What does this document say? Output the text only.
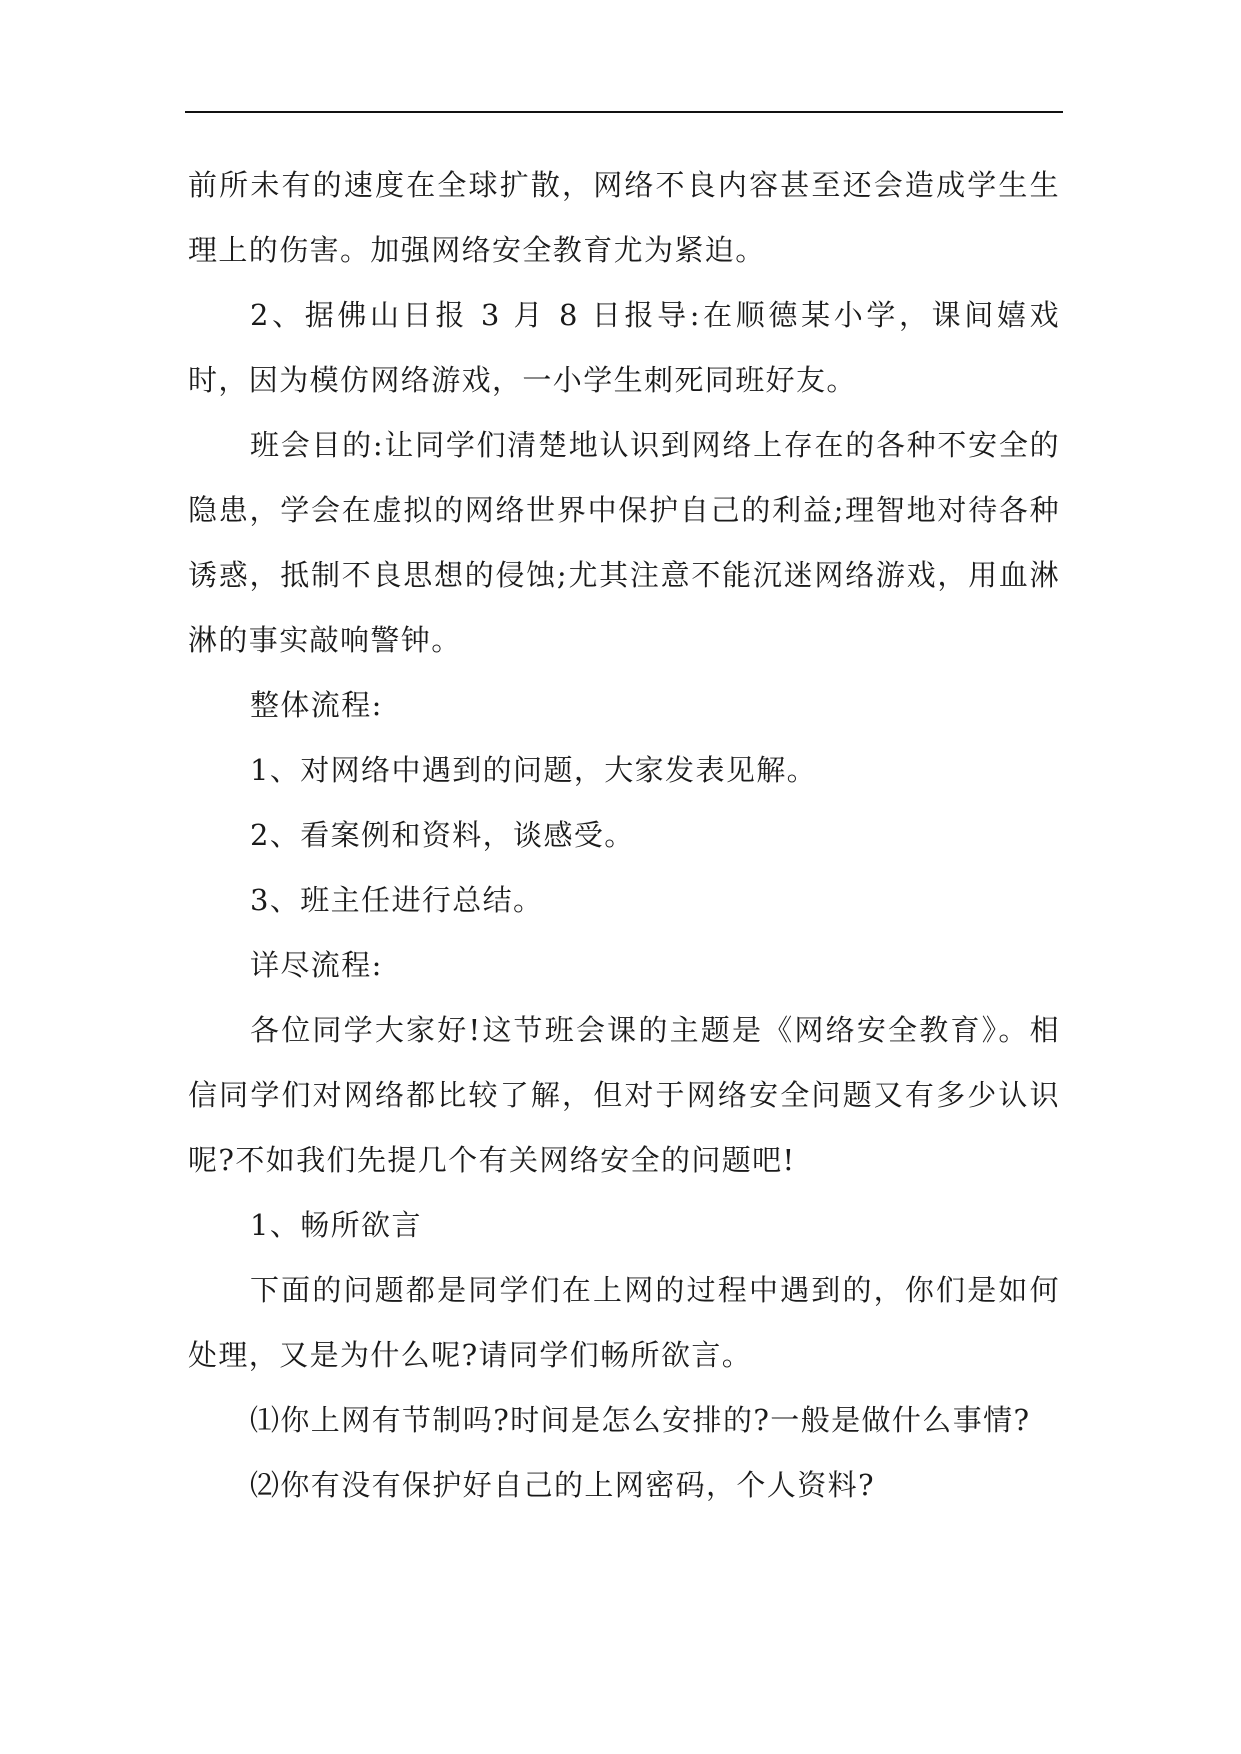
前所未有的速度在全球扩散，网络不良内容甚至还会造成学生生理上的伤害。加强网络安全教育尤为紧迫。

2、据佛山日报 3 月 8 日报导:在顺德某小学，课间嬉戏时，因为模仿网络游戏，一小学生刺死同班好友。

班会目的:让同学们清楚地认识到网络上存在的各种不安全的隐患，学会在虚拟的网络世界中保护自己的利益;理智地对待各种诱惑，抵制不良思想的侵蚀;尤其注意不能沉迷网络游戏，用血淋淋的事实敲响警钟。

整体流程:

1、对网络中遇到的问题，大家发表见解。

2、看案例和资料，谈感受。

3、班主任进行总结。

详尽流程:

各位同学大家好!这节班会课的主题是《网络安全教育》。相信同学们对网络都比较了解，但对于网络安全问题又有多少认识呢?不如我们先提几个有关网络安全的问题吧!

1、畅所欲言

下面的问题都是同学们在上网的过程中遇到的，你们是如何处理，又是为什么呢?请同学们畅所欲言。

⑴你上网有节制吗?时间是怎么安排的?一般是做什么事情?

⑵你有没有保护好自己的上网密码，个人资料?
